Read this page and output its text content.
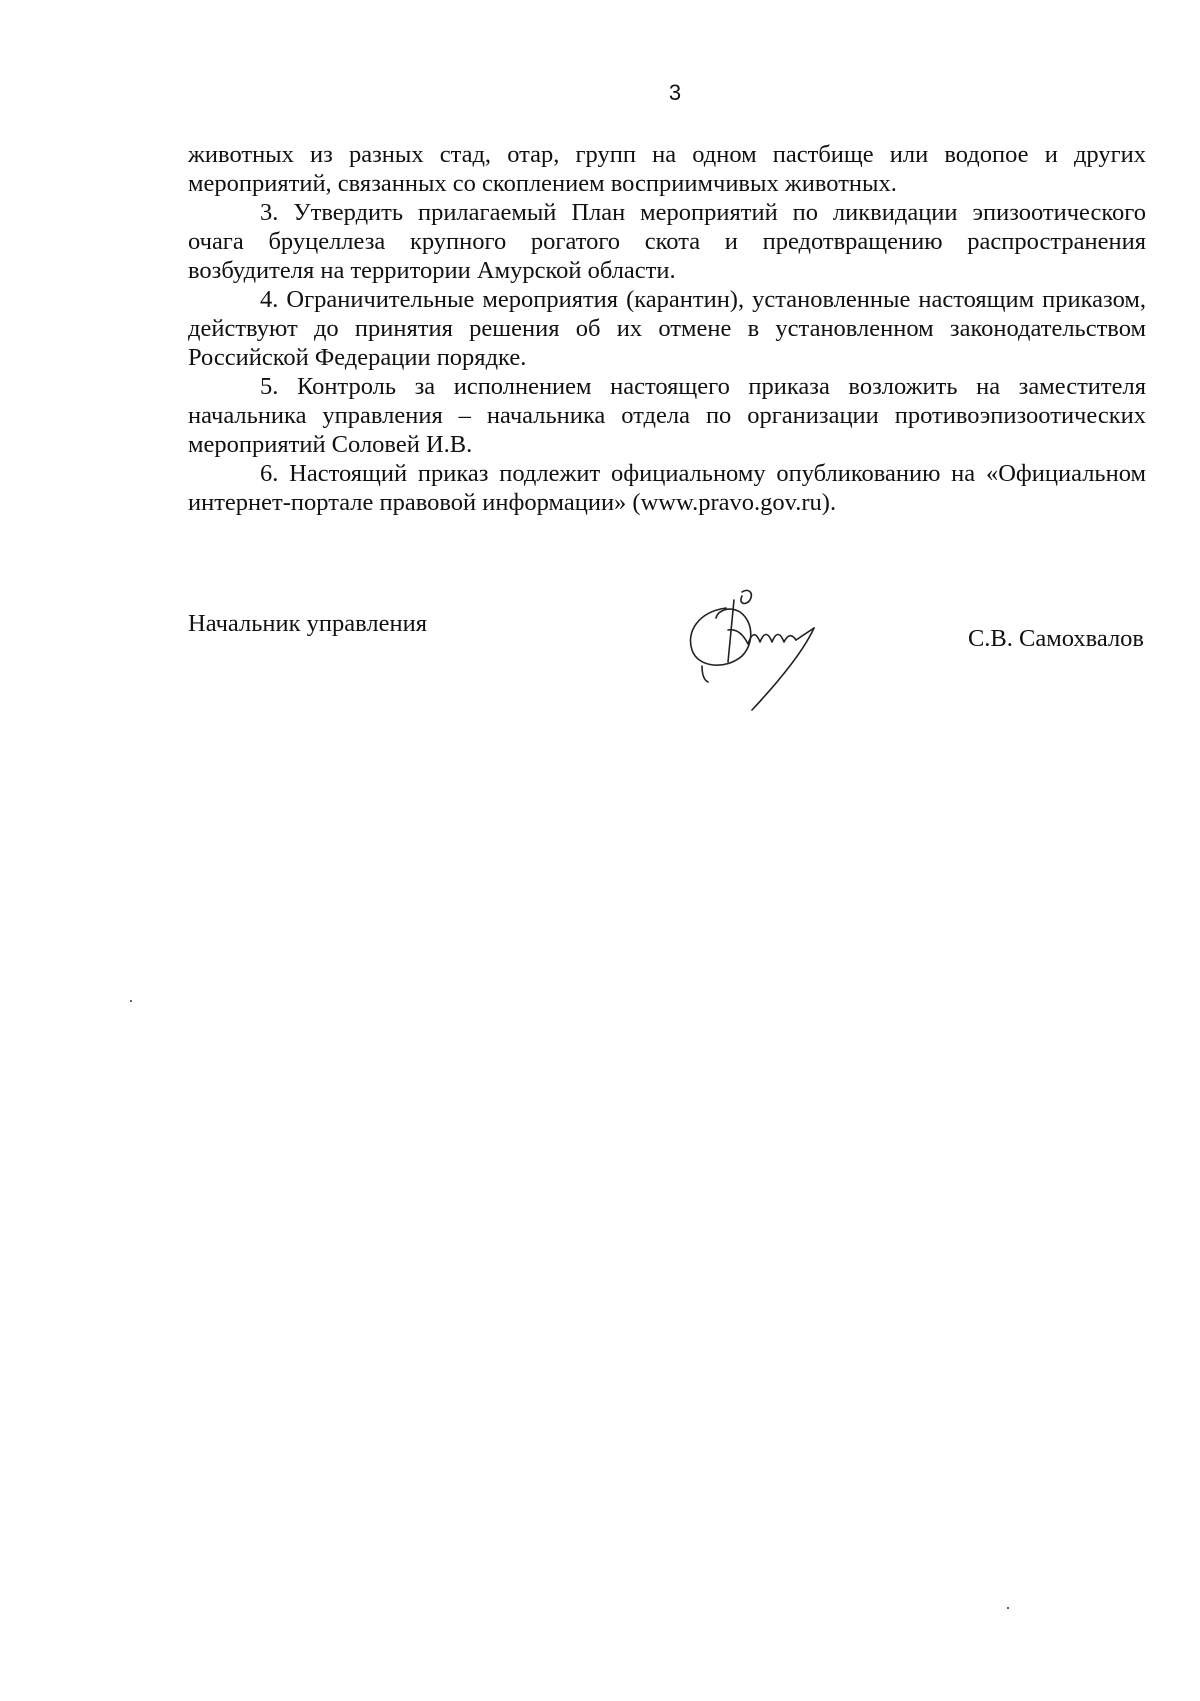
3

животных из разных стад, отар, групп на одном пастбище или водопое и других мероприятий, связанных со скоплением восприимчивых животных.

3. Утвердить прилагаемый План мероприятий по ликвидации эпизоотического очага бруцеллеза крупного рогатого скота и предотвращению распространения возбудителя на территории Амурской области.

4. Ограничительные мероприятия (карантин), установленные настоящим приказом, действуют до принятия решения об их отмене в установленном законодательством Российской Федерации порядке.

5. Контроль за исполнением настоящего приказа возложить на заместителя начальника управления – начальника отдела по организации противоэпизоотических мероприятий Соловей И.В.

6. Настоящий приказ подлежит официальному опубликованию на «Официальном интернет-портале правовой информации» (www.pravo.gov.ru).

Начальник управления
С.В. Самохвалов
